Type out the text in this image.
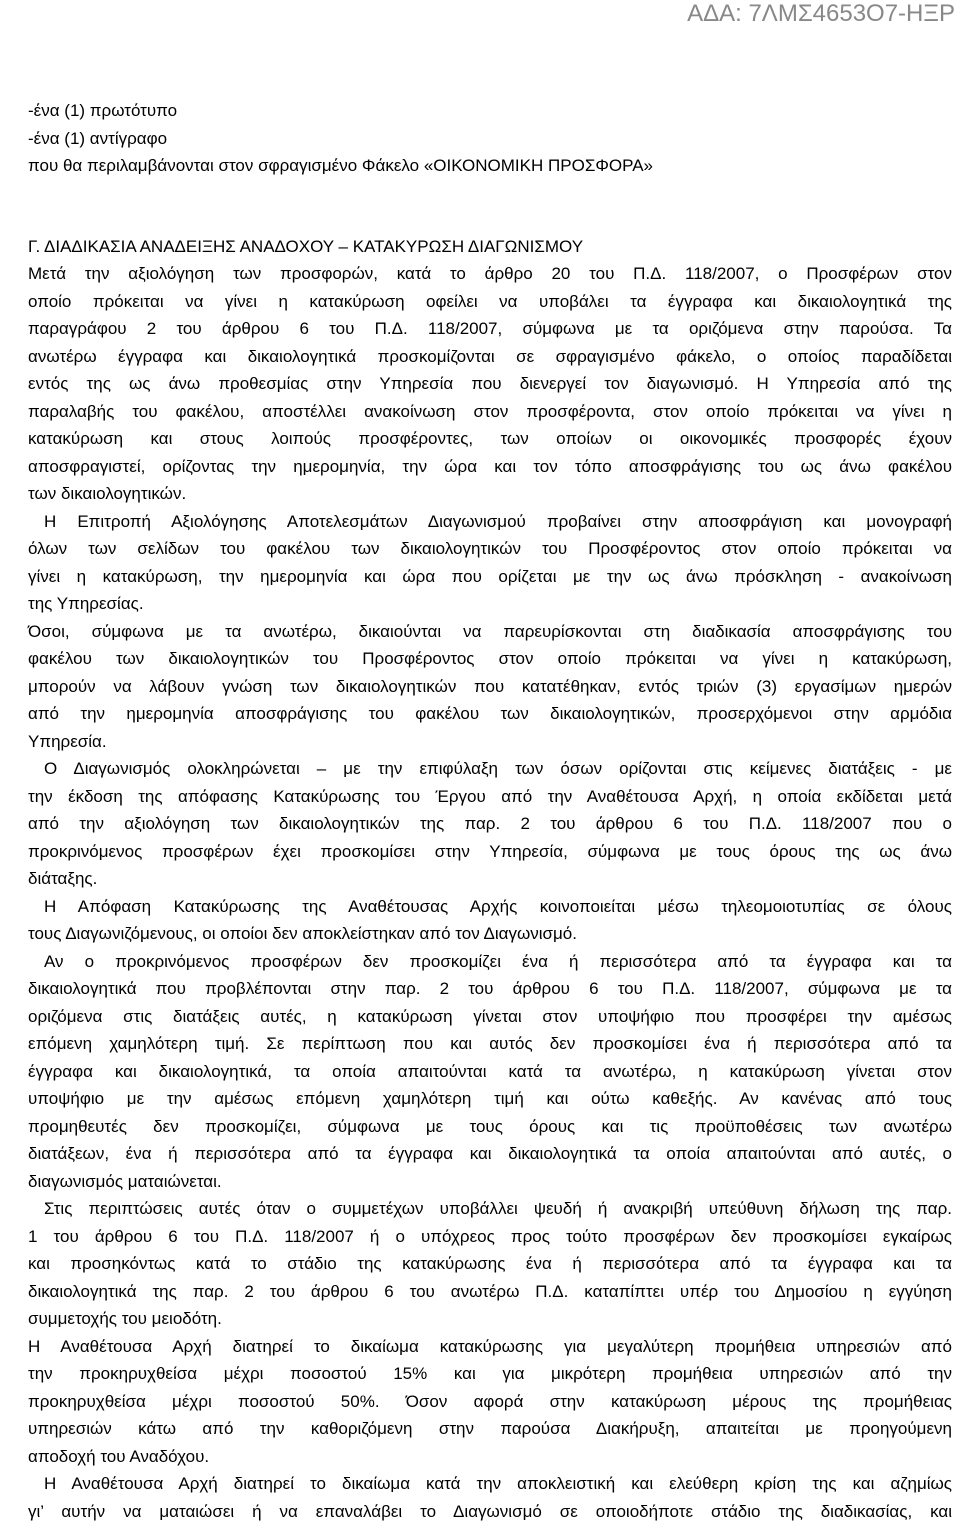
ΑΔΑ: 7ΛΜΣ4653Ο7-ΗΞΡ
-ένα (1) πρωτότυπο
-ένα (1) αντίγραφο
που θα περιλαμβάνονται στον σφραγισμένο Φάκελο «ΟΙΚΟΝΟΜΙΚΗ ΠΡΟΣΦΟΡΑ»
Γ. ΔΙΑΔΙΚΑΣΙΑ ΑΝΑΔΕΙΞΗΣ ΑΝΑΔΟΧΟΥ – ΚΑΤΑΚΥΡΩΣΗ ΔΙΑΓΩΝΙΣΜΟΥ
Μετά την αξιολόγηση των προσφορών, κατά το άρθρο 20 του Π.Δ. 118/2007, ο Προσφέρων στον
οποίο πρόκειται να γίνει η κατακύρωση οφείλει να υποβάλει τα έγγραφα και δικαιολογητικά της
παραγράφου 2 του άρθρου 6 του Π.Δ. 118/2007, σύμφωνα με τα οριζόμενα στην παρούσα. Τα
ανωτέρω έγγραφα και δικαιολογητικά προσκομίζονται σε σφραγισμένο φάκελο, ο οποίος παραδίδεται
εντός της ως άνω προθεσμίας στην Υπηρεσία που διενεργεί τον διαγωνισμό. Η Υπηρεσία από της
παραλαβής του φακέλου, αποστέλλει ανακοίνωση στον προσφέροντα, στον οποίο πρόκειται να γίνει η
κατακύρωση και στους λοιπούς προσφέροντες, των οποίων οι οικονομικές προσφορές έχουν
αποσφραγιστεί, ορίζοντας την ημερομηνία, την ώρα και τον τόπο αποσφράγισης του ως άνω φακέλου
των δικαιολογητικών.
Η Επιτροπή Αξιολόγησης Αποτελεσμάτων Διαγωνισμού προβαίνει στην αποσφράγιση και μονογραφή
όλων των σελίδων του φακέλου των δικαιολογητικών του Προσφέροντος στον οποίο πρόκειται να
γίνει η κατακύρωση, την ημερομηνία και ώρα που ορίζεται με την ως άνω πρόσκληση - ανακοίνωση
της Υπηρεσίας.
Όσοι, σύμφωνα με τα ανωτέρω, δικαιούνται να παρευρίσκονται στη διαδικασία αποσφράγισης του
φακέλου των δικαιολογητικών του Προσφέροντος στον οποίο πρόκειται να γίνει η κατακύρωση,
μπορούν να λάβουν γνώση των δικαιολογητικών που κατατέθηκαν, εντός τριών (3) εργασίμων ημερών
από την ημερομηνία αποσφράγισης του φακέλου των δικαιολογητικών, προσερχόμενοι στην αρμόδια
Υπηρεσία.
Ο Διαγωνισμός ολοκληρώνεται – με την επιφύλαξη των όσων ορίζονται στις κείμενες διατάξεις - με
την έκδοση της απόφασης Κατακύρωσης του Έργου από την Αναθέτουσα Αρχή, η οποία εκδίδεται μετά
από την αξιολόγηση των δικαιολογητικών της παρ. 2 του άρθρου 6 του Π.Δ. 118/2007 που ο
προκρινόμενος προσφέρων έχει προσκομίσει στην Υπηρεσία, σύμφωνα με τους όρους της ως άνω
διάταξης.
Η Απόφαση Κατακύρωσης της Αναθέτουσας Αρχής κοινοποιείται μέσω τηλεομοιοτυπίας σε όλους
τους Διαγωνιζόμενους, οι οποίοι δεν αποκλείστηκαν από τον Διαγωνισμό.
Αν ο προκρινόμενος προσφέρων δεν προσκομίζει ένα ή περισσότερα από τα έγγραφα και τα
δικαιολογητικά που προβλέπονται στην παρ. 2 του άρθρου 6 του Π.Δ. 118/2007, σύμφωνα με τα
οριζόμενα στις διατάξεις αυτές, η κατακύρωση γίνεται στον υποψήφιο που προσφέρει την αμέσως
επόμενη χαμηλότερη τιμή. Σε περίπτωση που και αυτός δεν προσκομίσει ένα ή περισσότερα από τα
έγγραφα και δικαιολογητικά, τα οποία απαιτούνται κατά τα ανωτέρω, η κατακύρωση γίνεται στον
υποψήφιο με την αμέσως επόμενη χαμηλότερη τιμή και ούτω καθεξής. Αν κανένας από τους
προμηθευτές δεν προσκομίζει, σύμφωνα με τους όρους και τις προϋποθέσεις των ανωτέρω
διατάξεων, ένα ή περισσότερα από τα έγγραφα και δικαιολογητικά τα οποία απαιτούνται από αυτές, ο
διαγωνισμός ματαιώνεται.
Στις περιπτώσεις αυτές όταν ο συμμετέχων υποβάλλει ψευδή ή ανακριβή υπεύθυνη δήλωση της παρ.
1 του άρθρου 6 του Π.Δ. 118/2007 ή ο υπόχρεος προς τούτο προσφέρων δεν προσκομίσει εγκαίρως
και προσηκόντως κατά το στάδιο της κατακύρωσης ένα ή περισσότερα από τα έγγραφα και τα
δικαιολογητικά της παρ. 2 του άρθρου 6 του ανωτέρω Π.Δ. καταπίπτει υπέρ του Δημοσίου η εγγύηση
συμμετοχής του μειοδότη.
Η Αναθέτουσα Αρχή διατηρεί το δικαίωμα κατακύρωσης για μεγαλύτερη προμήθεια υπηρεσιών από
την προκηρυχθείσα μέχρι ποσοστού 15% και για μικρότερη προμήθεια υπηρεσιών από την
προκηρυχθείσα μέχρι ποσοστού 50%. Όσον αφορά στην κατακύρωση μέρους της προμήθειας
υπηρεσιών κάτω από την καθοριζόμενη στην παρούσα Διακήρυξη, απαιτείται με προηγούμενη
αποδοχή του Αναδόχου.
Η Αναθέτουσα Αρχή διατηρεί το δικαίωμα κατά την αποκλειστική και ελεύθερη κρίση της και αζημίως
γι’ αυτήν να ματαιώσει ή να επαναλάβει το Διαγωνισμό σε οποιοδήποτε στάδιο της διαδικασίας, και
